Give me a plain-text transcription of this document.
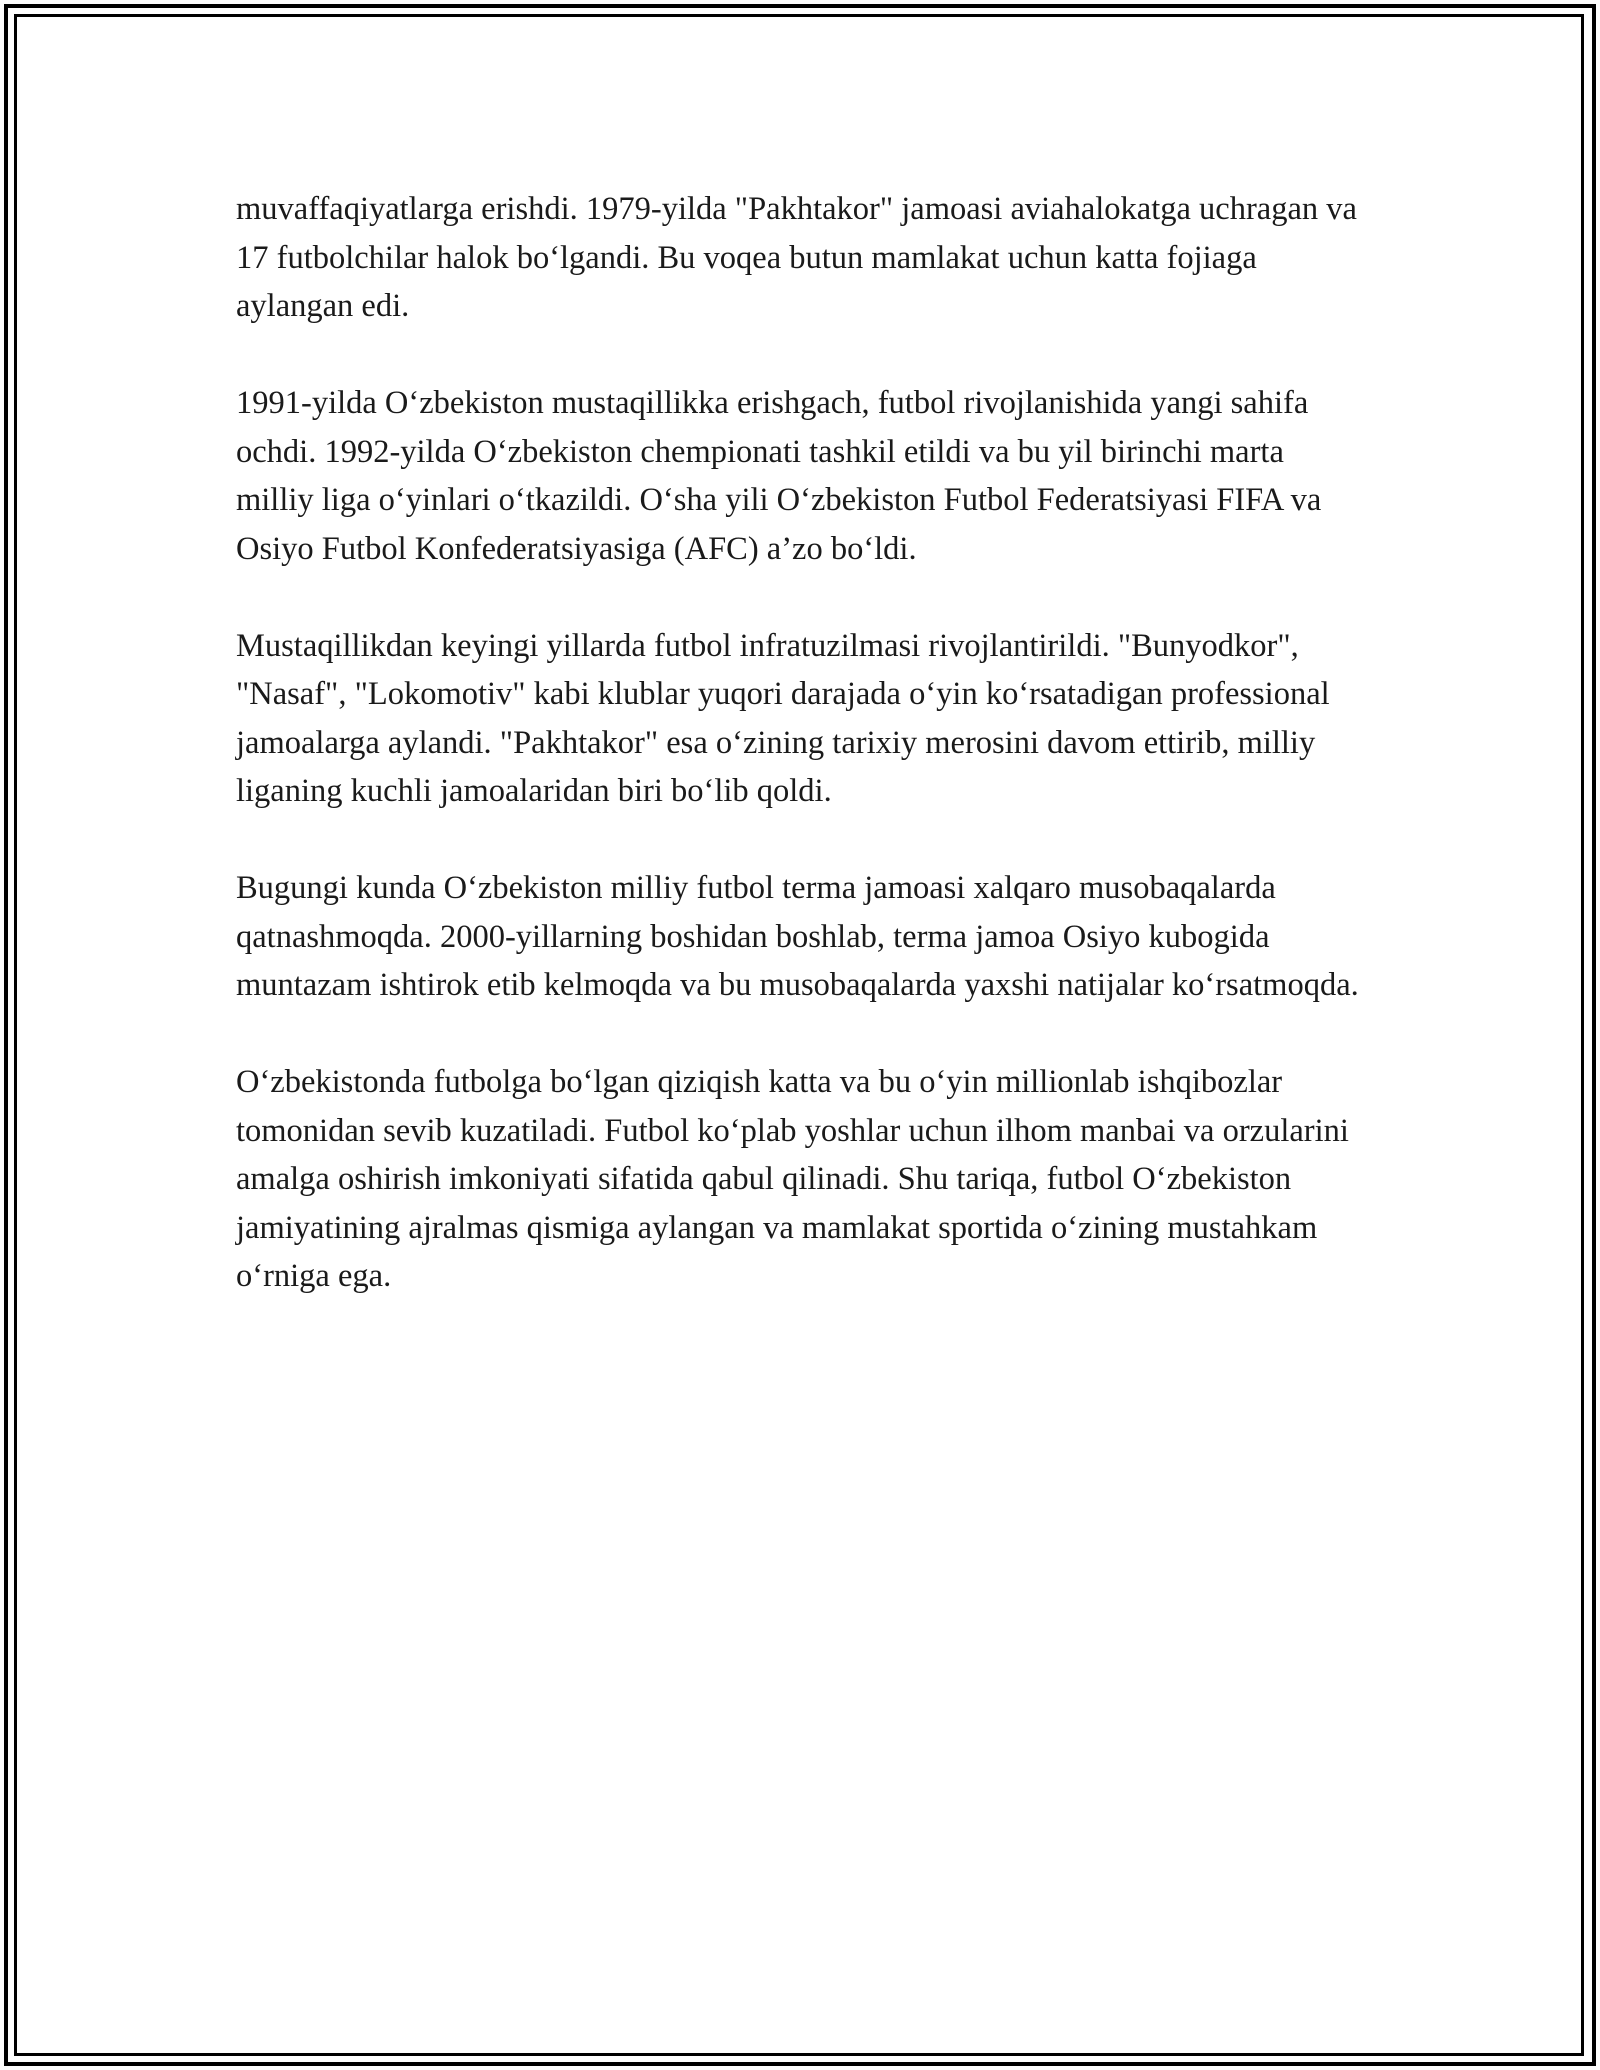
muvaffaqiyatlarga erishdi. 1979-yilda "Pakhtakor" jamoasi aviahalokatga uchragan va 17 futbolchilar halok bo‘lgandi. Bu voqea butun mamlakat uchun katta fojiaga aylangan edi.

1991-yilda O‘zbekiston mustaqillikka erishgach, futbol rivojlanishida yangi sahifa ochdi. 1992-yilda O‘zbekiston chempionati tashkil etildi va bu yil birinchi marta milliy liga o‘yinlari o‘tkazildi. O‘sha yili O‘zbekiston Futbol Federatsiyasi FIFA va Osiyo Futbol Konfederatsiyasiga (AFC) a’zo bo‘ldi.

Mustaqillikdan keyingi yillarda futbol infratuzilmasi rivojlantirildi. "Bunyodkor", "Nasaf", "Lokomotiv" kabi klublar yuqori darajada o‘yin ko‘rsatadigan professional jamoalarga aylandi. "Pakhtakor" esa o‘zining tarixiy merosini davom ettirib, milliy liganing kuchli jamoalaridan biri bo‘lib qoldi.

Bugungi kunda O‘zbekiston milliy futbol terma jamoasi xalqaro musobaqalarda qatnashmoqda. 2000-yillarning boshidan boshlab, terma jamoa Osiyo kubogida muntazam ishtirok etib kelmoqda va bu musobaqalarda yaxshi natijalar ko‘rsatmoqda.

O‘zbekistonda futbolga bo‘lgan qiziqish katta va bu o‘yin millionlab ishqibozlar tomonidan sevib kuzatiladi. Futbol ko‘plab yoshlar uchun ilhom manbai va orzularini amalga oshirish imkoniyati sifatida qabul qilinadi. Shu tariqa, futbol O‘zbekiston jamiyatining ajralmas qismiga aylangan va mamlakat sportida o‘zining mustahkam o‘rniga ega.
